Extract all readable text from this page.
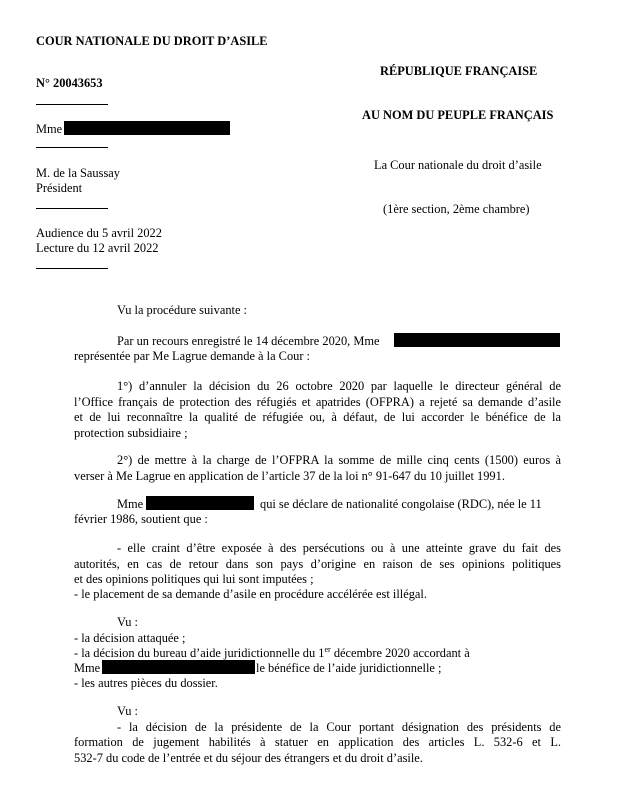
COUR NATIONALE DU DROIT D’ASILE

N° 20043653

Mme

M. de la Saussay

Président

Audience du 5 avril 2022

Lecture du 12 avril 2022

RÉPUBLIQUE FRANÇAISE

AU NOM DU PEUPLE FRANÇAIS

La Cour nationale du droit d’asile

(1ère section, 2ème chambre)

Vu la procédure suivante :

Par un recours enregistré le 14 décembre 2020, Mme

représentée par Me Lagrue demande à la Cour :

1°) d’annuler la décision du 26 octobre 2020 par laquelle le directeur général de

l’Office français de protection des réfugiés et apatrides (OFPRA) a rejeté sa demande d’asile

et de lui reconnaître la qualité de réfugiée ou, à défaut, de lui accorder le bénéfice de la

protection subsidiaire ;

2°) de mettre à la charge de l’OFPRA la somme de mille cinq cents (1500) euros à

verser à Me Lagrue en application de l’article 37 de la loi n° 91-647 du 10 juillet 1991.

Mme	qui se déclare de nationalité congolaise (RDC), née le 11

février 1986, soutient que :

- elle craint d’être exposée à des persécutions ou à une atteinte grave du fait des

autorités, en cas de retour dans son pays d’origine en raison de ses opinions politiques

et des opinions politiques qui lui sont imputées ;

- le placement de sa demande d’asile en procédure accélérée est illégal.

Vu :

- la décision attaquée ;

- la décision du bureau d’aide juridictionnelle du 1er décembre 2020 accordant à

Mme	le bénéfice de l’aide juridictionnelle ;

- les autres pièces du dossier.

Vu :

- la décision de la présidente de la Cour portant désignation des présidents de

formation de jugement habilités à statuer en application des articles L. 532-6 et L.

532-7 du code de l’entrée et du séjour des étrangers et du droit d’asile.
